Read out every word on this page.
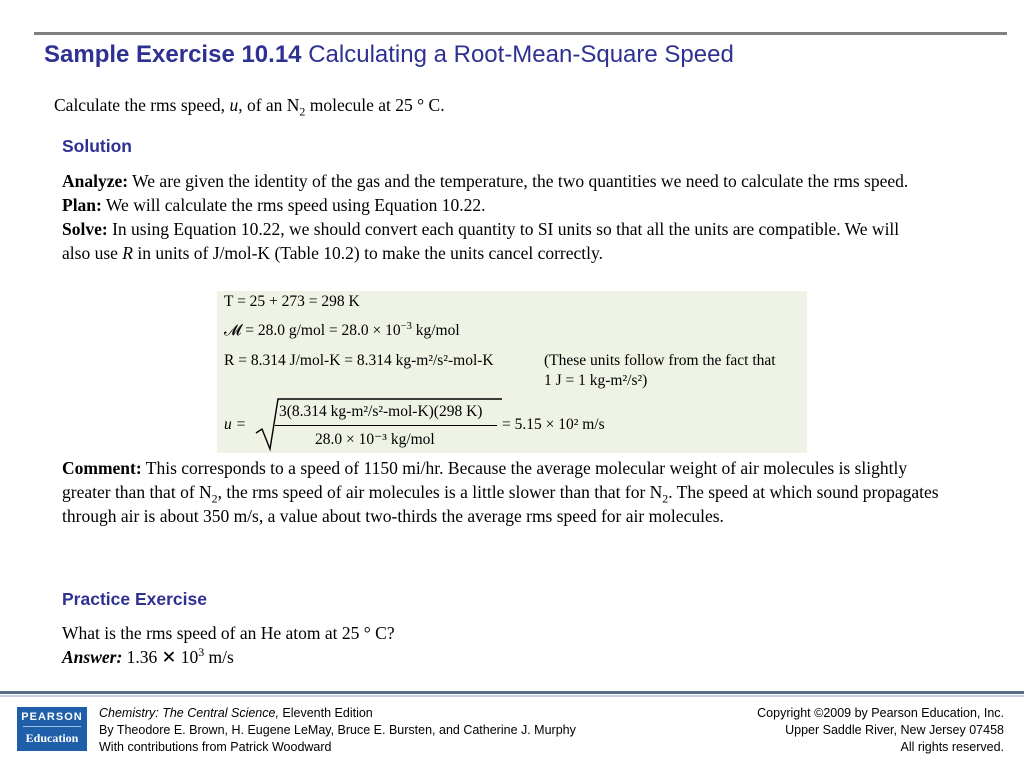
Sample Exercise 10.14 Calculating a Root-Mean-Square Speed
Calculate the rms speed, u, of an $N_2$ molecule at 25 ° C.
Solution
Analyze: We are given the identity of the gas and the temperature, the two quantities we need to calculate the rms speed.
Plan: We will calculate the rms speed using Equation 10.22.
Solve: In using Equation 10.22, we should convert each quantity to SI units so that all the units are compatible. We will also use R in units of J/mol-K (Table 10.2) to make the units cancel correctly.
T = 25 + 273 = 298 K
𝓜 = 28.0 $g/mol = 28.0 \times 10^{-3}$ kg/mol
R = 8.314 J/mol-K = 8.314 kg-m²/s²-mol-K	(These units follow from the fact that
1 J = 1 kg-m²/s²)
u =
3(8.314 kg-m²/s²-mol-K)(298 K)
28.0 × 10⁻³ kg/mol
= 5.15 × 10² m/s
Comment: This corresponds to a speed of 1150 mi/hr. Because the average molecular weight of air molecules is slightly greater than that of $N_2$, the rms speed of air molecules is a little slower than that for $N_2$. The speed at which sound propagates through air is about 350 m/s, a value about two-thirds the average rms speed for air molecules.
Practice Exercise
What is the rms speed of an He atom at 25 ° C?
Answer: 1.36 ✕ $10^3$ m/s
PEARSON
Education
Chemistry: The Central Science, Eleventh Edition
By Theodore E. Brown, H. Eugene LeMay, Bruce E. Bursten, and Catherine J. Murphy
With contributions from Patrick Woodward
Copyright ©2009 by Pearson Education, Inc.
Upper Saddle River, New Jersey 07458
All rights reserved.
